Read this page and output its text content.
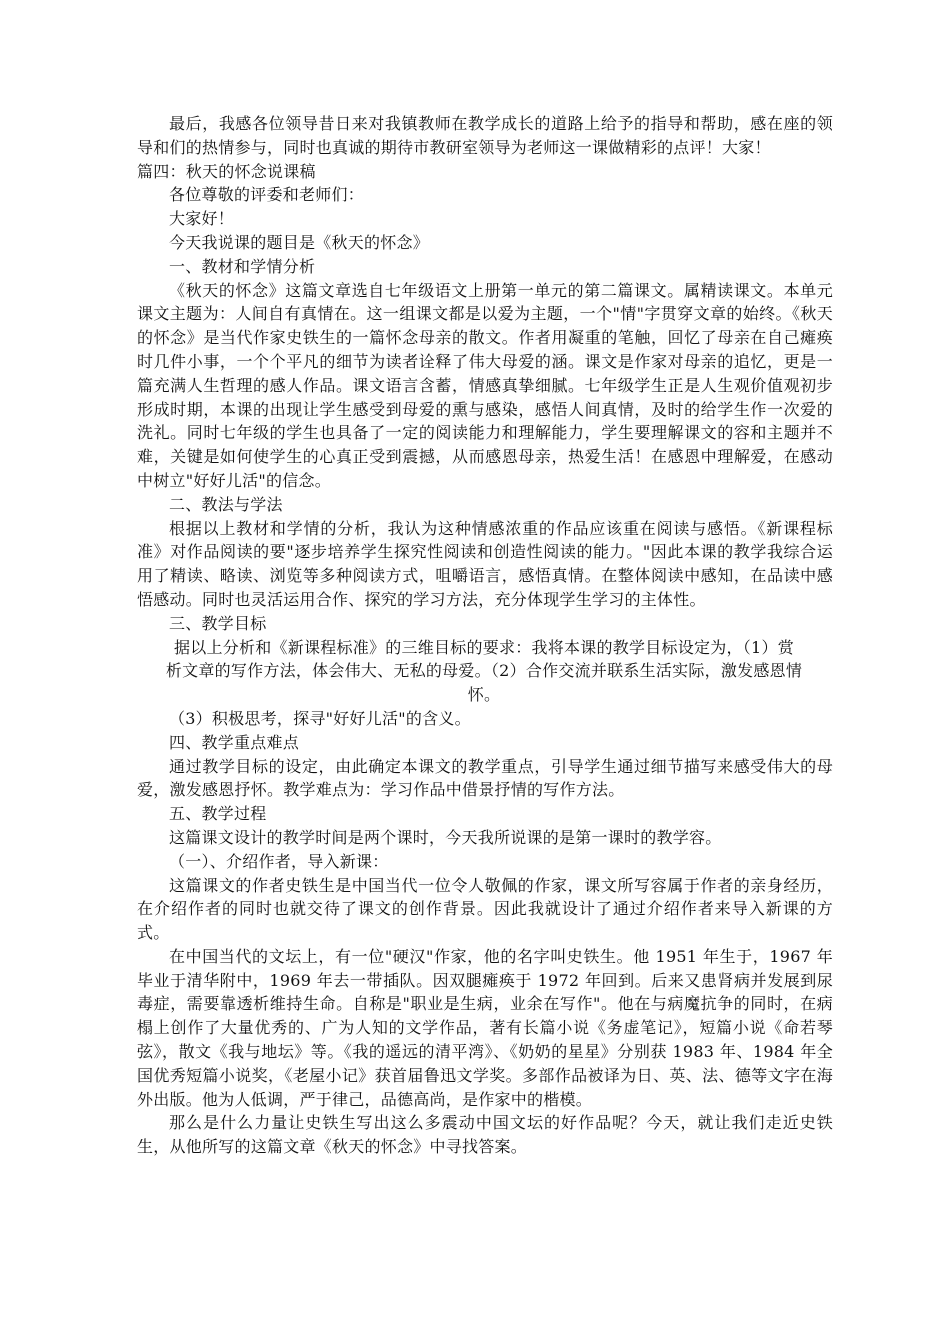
最后，我感各位领导昔日来对我镇教师在教学成长的道路上给予的指导和帮助，感在座的领导和们的热情参与，同时也真诚的期待市教研室领导为老师这一课做精彩的点评！大家！

篇四：秋天的怀念说课稿

各位尊敬的评委和老师们：

大家好！

今天我说课的题目是《秋天的怀念》

一、教材和学情分析

《秋天的怀念》这篇文章选自七年级语文上册第一单元的第二篇课文。属精读课文。本单元课文主题为：人间自有真情在。这一组课文都是以爱为主题，一个"情"字贯穿文章的始终。《秋天的怀念》是当代作家史铁生的一篇怀念母亲的散文。作者用凝重的笔触，回忆了母亲在自己瘫痪时几件小事，一个个平凡的细节为读者诠释了伟大母爱的涵。课文是作家对母亲的追忆，更是一篇充满人生哲理的感人作品。课文语言含蓄，情感真挚细腻。七年级学生正是人生观价值观初步形成时期，本课的出现让学生感受到母爱的熏与感染，感悟人间真情，及时的给学生作一次爱的洗礼。同时七年级的学生也具备了一定的阅读能力和理解能力，学生要理解课文的容和主题并不难，关键是如何使学生的心真正受到震撼，从而感恩母亲，热爱生活！在感恩中理解爱，在感动中树立"好好儿活"的信念。

二、教法与学法

根据以上教材和学情的分析，我认为这种情感浓重的作品应该重在阅读与感悟。《新课程标准》对作品阅读的要"逐步培养学生探究性阅读和创造性阅读的能力。"因此本课的教学我综合运用了精读、略读、浏览等多种阅读方式，咀嚼语言，感悟真情。在整体阅读中感知，在品读中感悟感动。同时也灵活运用合作、探究的学习方法，充分体现学生学习的主体性。

三、教学目标

据以上分析和《新课程标准》的三维目标的要求：我将本课的教学目标设定为，（1）赏

析文章的写作方法，体会伟大、无私的母爱。（2）合作交流并联系生活实际，激发感恩情

怀。

（3）积极思考，探寻"好好儿活"的含义。

四、教学重点难点

通过教学目标的设定，由此确定本课文的教学重点，引导学生通过细节描写来感受伟大的母爱，激发感恩抒怀。教学难点为：学习作品中借景抒情的写作方法。

五、教学过程

这篇课文设计的教学时间是两个课时，今天我所说课的是第一课时的教学容。

（一）、介绍作者，导入新课：

这篇课文的作者史铁生是中国当代一位令人敬佩的作家，课文所写容属于作者的亲身经历，在介绍作者的同时也就交待了课文的创作背景。因此我就设计了通过介绍作者来导入新课的方式。

在中国当代的文坛上，有一位"硬汉"作家，他的名字叫史铁生。他 1951 年生于，1967 年毕业于清华附中，1969 年去一带插队。因双腿瘫痪于 1972 年回到。后来又患肾病并发展到尿毒症，需要靠透析维持生命。自称是"职业是生病，业余在写作"。他在与病魔抗争的同时，在病榻上创作了大量优秀的、广为人知的文学作品，著有长篇小说《务虚笔记》，短篇小说《命若琴弦》，散文《我与地坛》等。《我的遥远的清平湾》、《奶奶的星星》分别获 1983 年、1984 年全国优秀短篇小说奖，《老屋小记》获首届鲁迅文学奖。多部作品被译为日、英、法、德等文字在海外出版。他为人低调，严于律己，品德高尚，是作家中的楷模。

那么是什么力量让史铁生写出这么多震动中国文坛的好作品呢？今天，就让我们走近史铁生，从他所写的这篇文章《秋天的怀念》中寻找答案。
